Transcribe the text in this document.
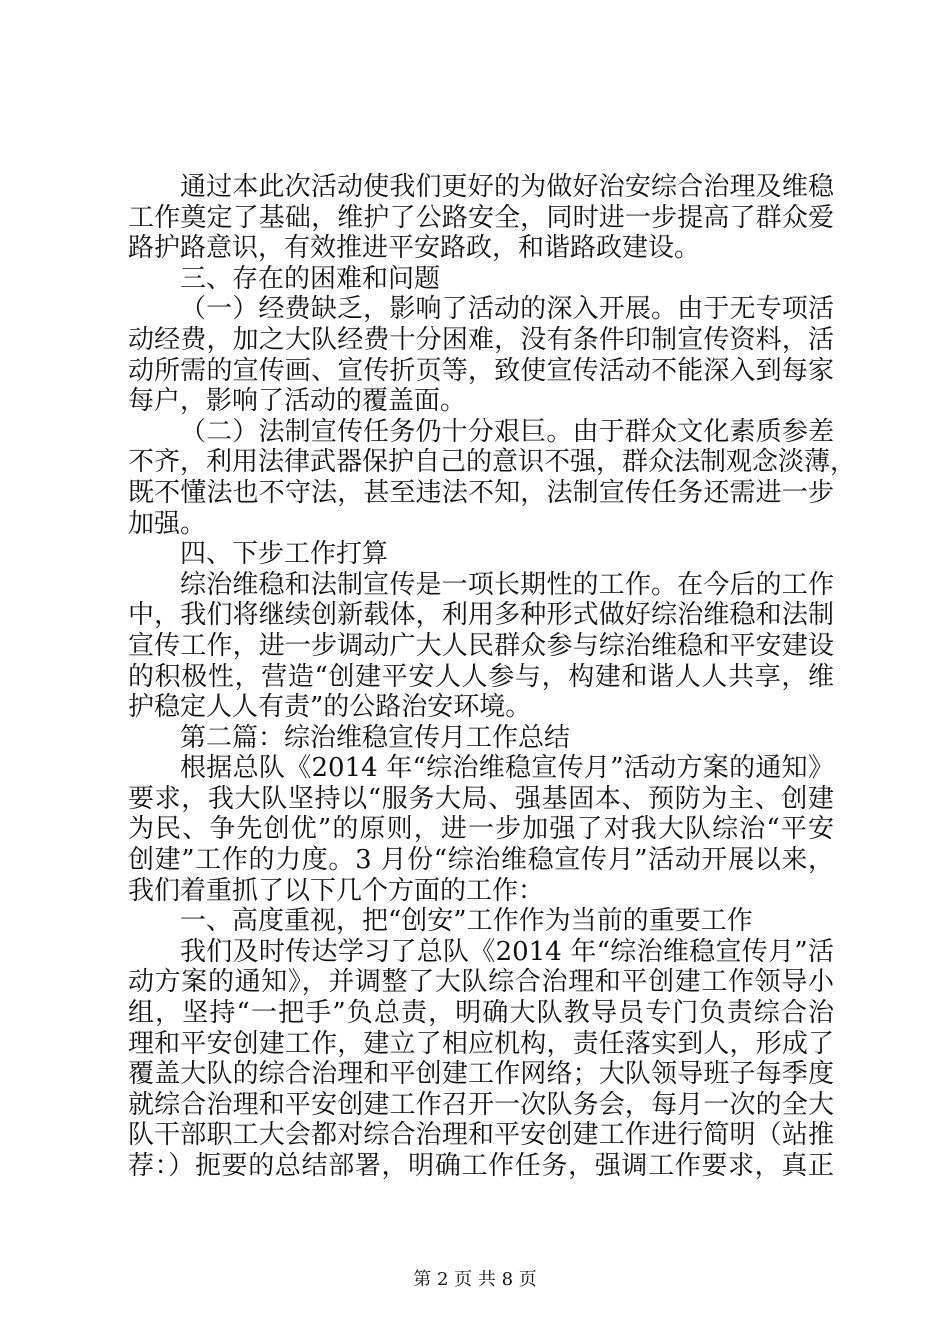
通过本此次活动使我们更好的为做好治安综合治理及维稳
工作奠定了基础，维护了公路安全，同时进一步提高了群众爱
路护路意识，有效推进平安路政，和谐路政建设。
三、存在的困难和问题
（一）经费缺乏，影响了活动的深入开展。由于无专项活
动经费，加之大队经费十分困难，没有条件印制宣传资料，活
动所需的宣传画、宣传折页等，致使宣传活动不能深入到每家
每户，影响了活动的覆盖面。
（二）法制宣传任务仍十分艰巨。由于群众文化素质参差
不齐，利用法律武器保护自己的意识不强，群众法制观念淡薄，
既不懂法也不守法，甚至违法不知，法制宣传任务还需进一步
加强。
四、下步工作打算
综治维稳和法制宣传是一项长期性的工作。在今后的工作
中，我们将继续创新载体，利用多种形式做好综治维稳和法制
宣传工作，进一步调动广大人民群众参与综治维稳和平安建设
的积极性，营造“创建平安人人参与，构建和谐人人共享，维
护稳定人人有责”的公路治安环境。
第二篇：综治维稳宣传月工作总结
根据总队《2014 年“综治维稳宣传月”活动方案的通知》
要求，我大队坚持以“服务大局、强基固本、预防为主、创建
为民、争先创优”的原则，进一步加强了对我大队综治“平安
创建”工作的力度。3 月份“综治维稳宣传月”活动开展以来，
我们着重抓了以下几个方面的工作：
一、高度重视，把“创安”工作作为当前的重要工作
我们及时传达学习了总队《2014 年“综治维稳宣传月”活
动方案的通知》，并调整了大队综合治理和平创建工作领导小
组，坚持“一把手”负总责，明确大队教导员专门负责综合治
理和平安创建工作，建立了相应机构，责任落实到人，形成了
覆盖大队的综合治理和平创建工作网络；大队领导班子每季度
就综合治理和平安创建工作召开一次队务会，每月一次的全大
队干部职工大会都对综合治理和平安创建工作进行简明（站推
荐：）扼要的总结部署，明确工作任务，强调工作要求，真正
第 2 页 共 8 页
